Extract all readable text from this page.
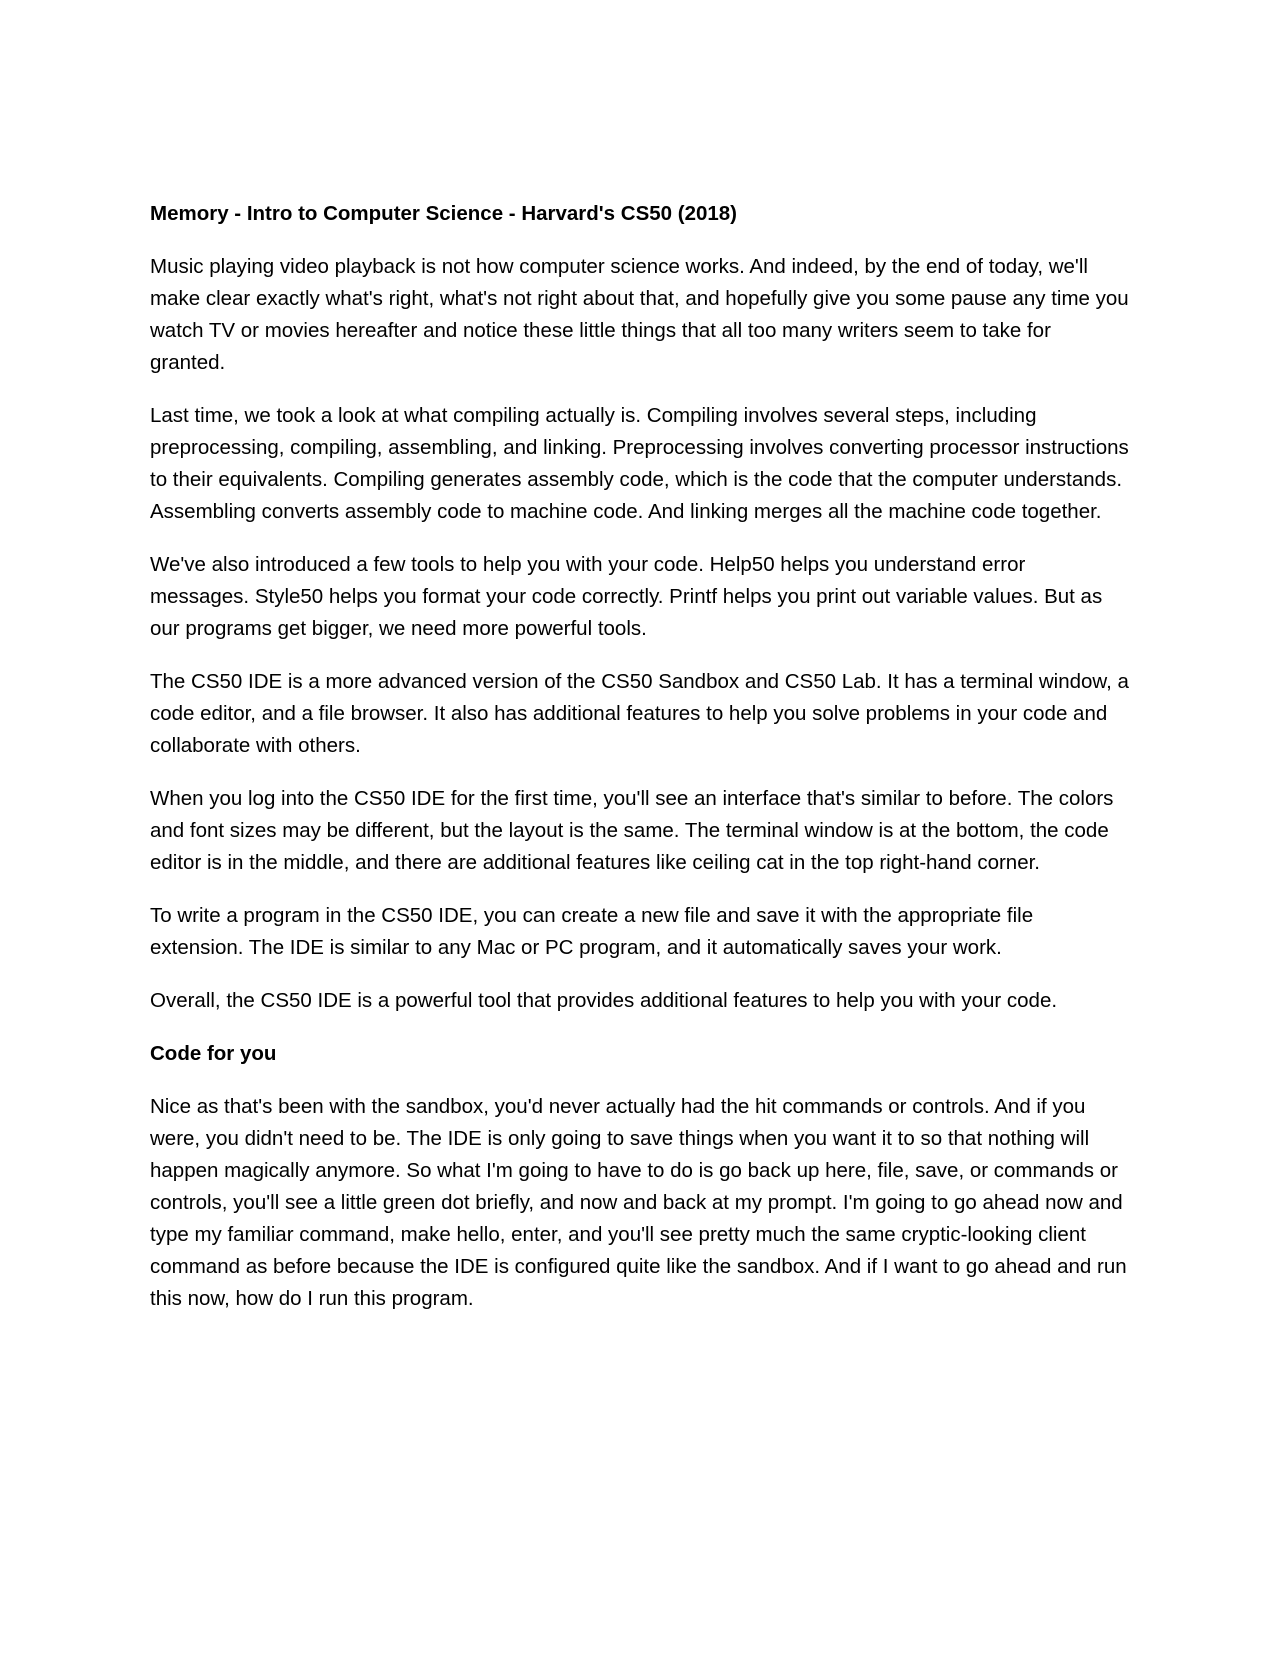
Memory - Intro to Computer Science - Harvard's CS50 (2018)

Music playing video playback is not how computer science works. And indeed, by the end of today, we'll make clear exactly what's right, what's not right about that, and hopefully give you some pause any time you watch TV or movies hereafter and notice these little things that all too many writers seem to take for granted.

Last time, we took a look at what compiling actually is. Compiling involves several steps, including preprocessing, compiling, assembling, and linking. Preprocessing involves converting processor instructions to their equivalents. Compiling generates assembly code, which is the code that the computer understands. Assembling converts assembly code to machine code. And linking merges all the machine code together.

We've also introduced a few tools to help you with your code. Help50 helps you understand error messages. Style50 helps you format your code correctly. Printf helps you print out variable values. But as our programs get bigger, we need more powerful tools.

The CS50 IDE is a more advanced version of the CS50 Sandbox and CS50 Lab. It has a terminal window, a code editor, and a file browser. It also has additional features to help you solve problems in your code and collaborate with others.

When you log into the CS50 IDE for the first time, you'll see an interface that's similar to before. The colors and font sizes may be different, but the layout is the same. The terminal window is at the bottom, the code editor is in the middle, and there are additional features like ceiling cat in the top right-hand corner.

To write a program in the CS50 IDE, you can create a new file and save it with the appropriate file extension. The IDE is similar to any Mac or PC program, and it automatically saves your work.

Overall, the CS50 IDE is a powerful tool that provides additional features to help you with your code.

Code for you

Nice as that's been with the sandbox, you'd never actually had the hit commands or controls. And if you were, you didn't need to be. The IDE is only going to save things when you want it to so that nothing will happen magically anymore. So what I'm going to have to do is go back up here, file, save, or commands or controls, you'll see a little green dot briefly, and now and back at my prompt. I'm going to go ahead now and type my familiar command, make hello, enter, and you'll see pretty much the same cryptic-looking client command as before because the IDE is configured quite like the sandbox. And if I want to go ahead and run this now, how do I run this program.
